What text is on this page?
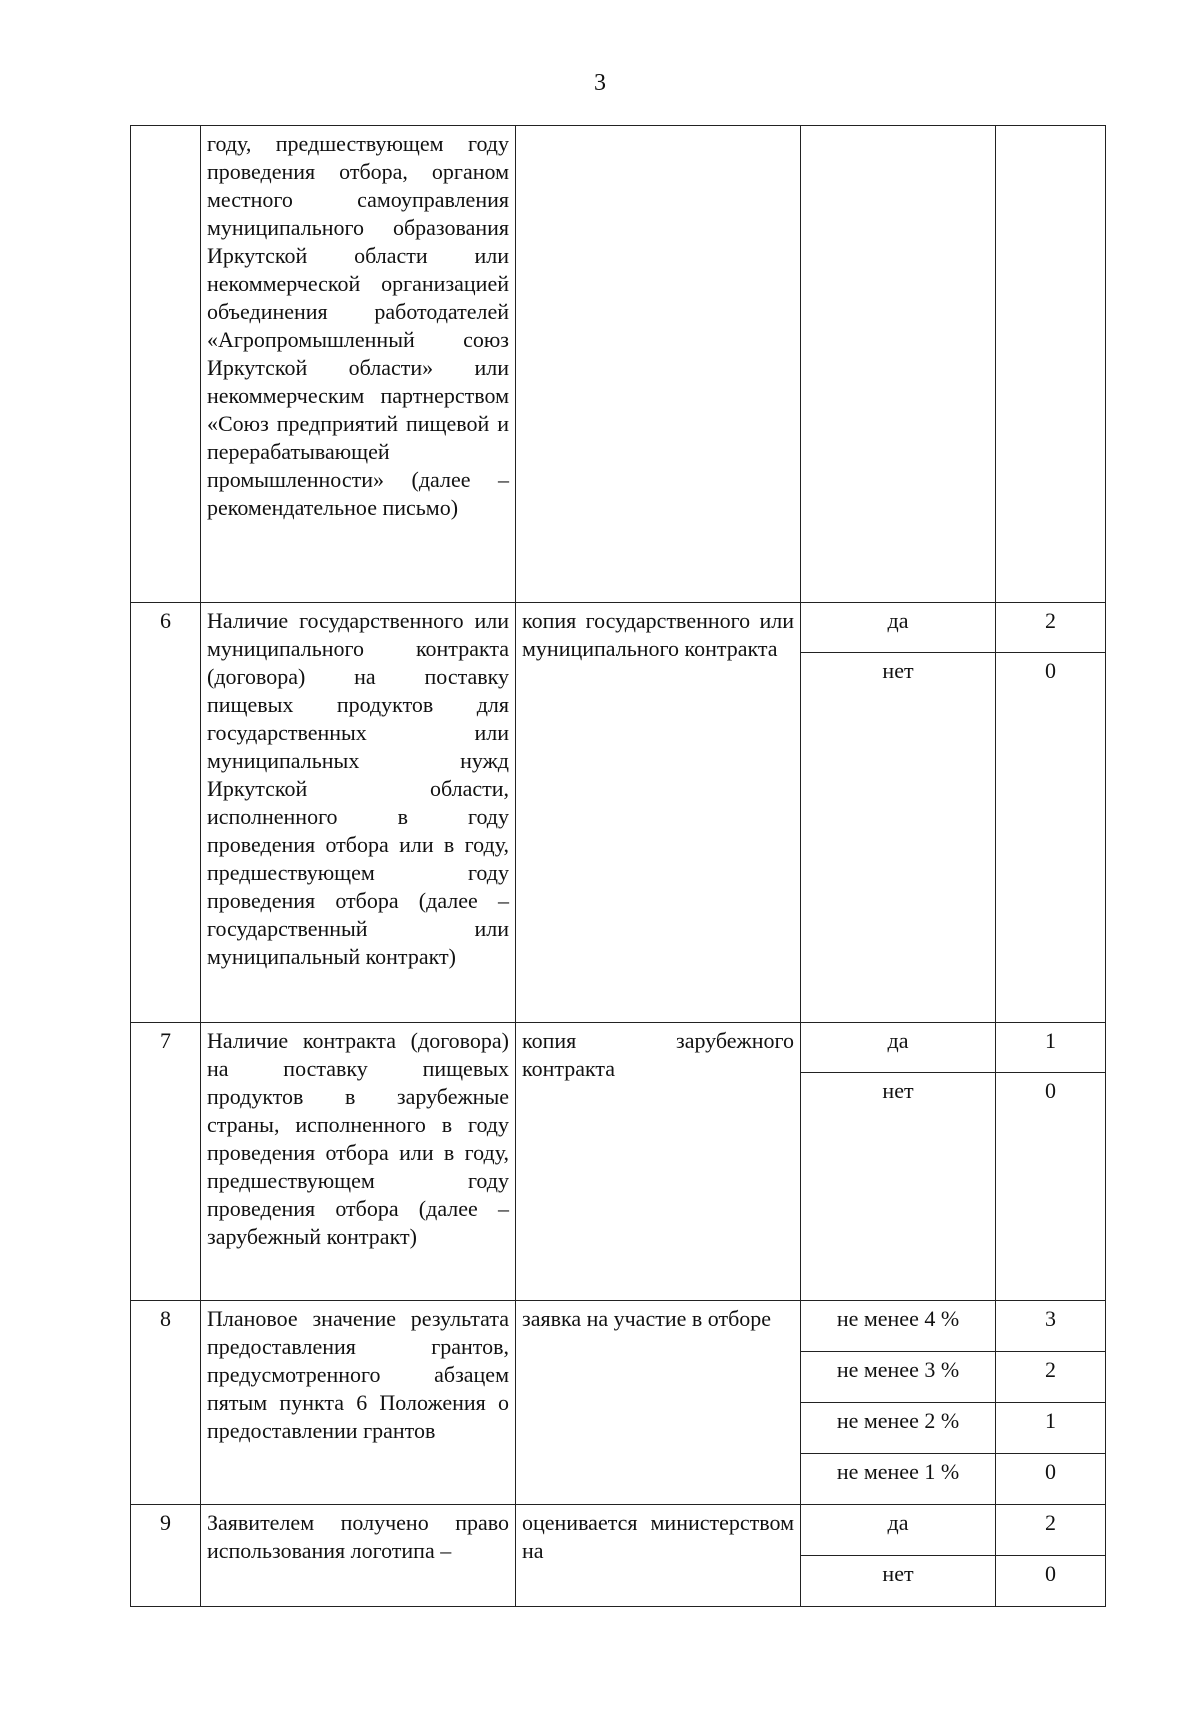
3
	году, предшествующем году проведения отбора, органом местного самоуправления муниципального образования Иркутской области или некоммерческой организацией объединения работодателей «Агропромышленный союз Иркутской области» или некоммерческим партнерством «Союз предприятий пищевой и перерабатывающей промышленности» (далее – рекомендательное письмо)			
6	Наличие государственного или муниципального контракта (договора) на поставку пищевых продуктов для государственных или муниципальных нужд Иркутской области, исполненного в году проведения отбора или в году, предшествующем году проведения отбора (далее – государственный или муниципальный контракт)	копия государственного или муниципального контракта	да	2
			нет	0
7	Наличие контракта (договора) на поставку пищевых продуктов в зарубежные страны, исполненного в году проведения отбора или в году, предшествующем году проведения отбора (далее – зарубежный контракт)	копия зарубежного контракта	да	1
			нет	0
8	Плановое значение результата предоставления грантов, предусмотренного абзацем пятым пункта 6 Положения о предоставлении грантов	заявка на участие в отборе	не менее 4 %	3
			не менее 3 %	2
			не менее 2 %	1
			не менее 1 %	0
9	Заявителем получено право использования логотипа –	оценивается министерством на	да	2
			нет	0
